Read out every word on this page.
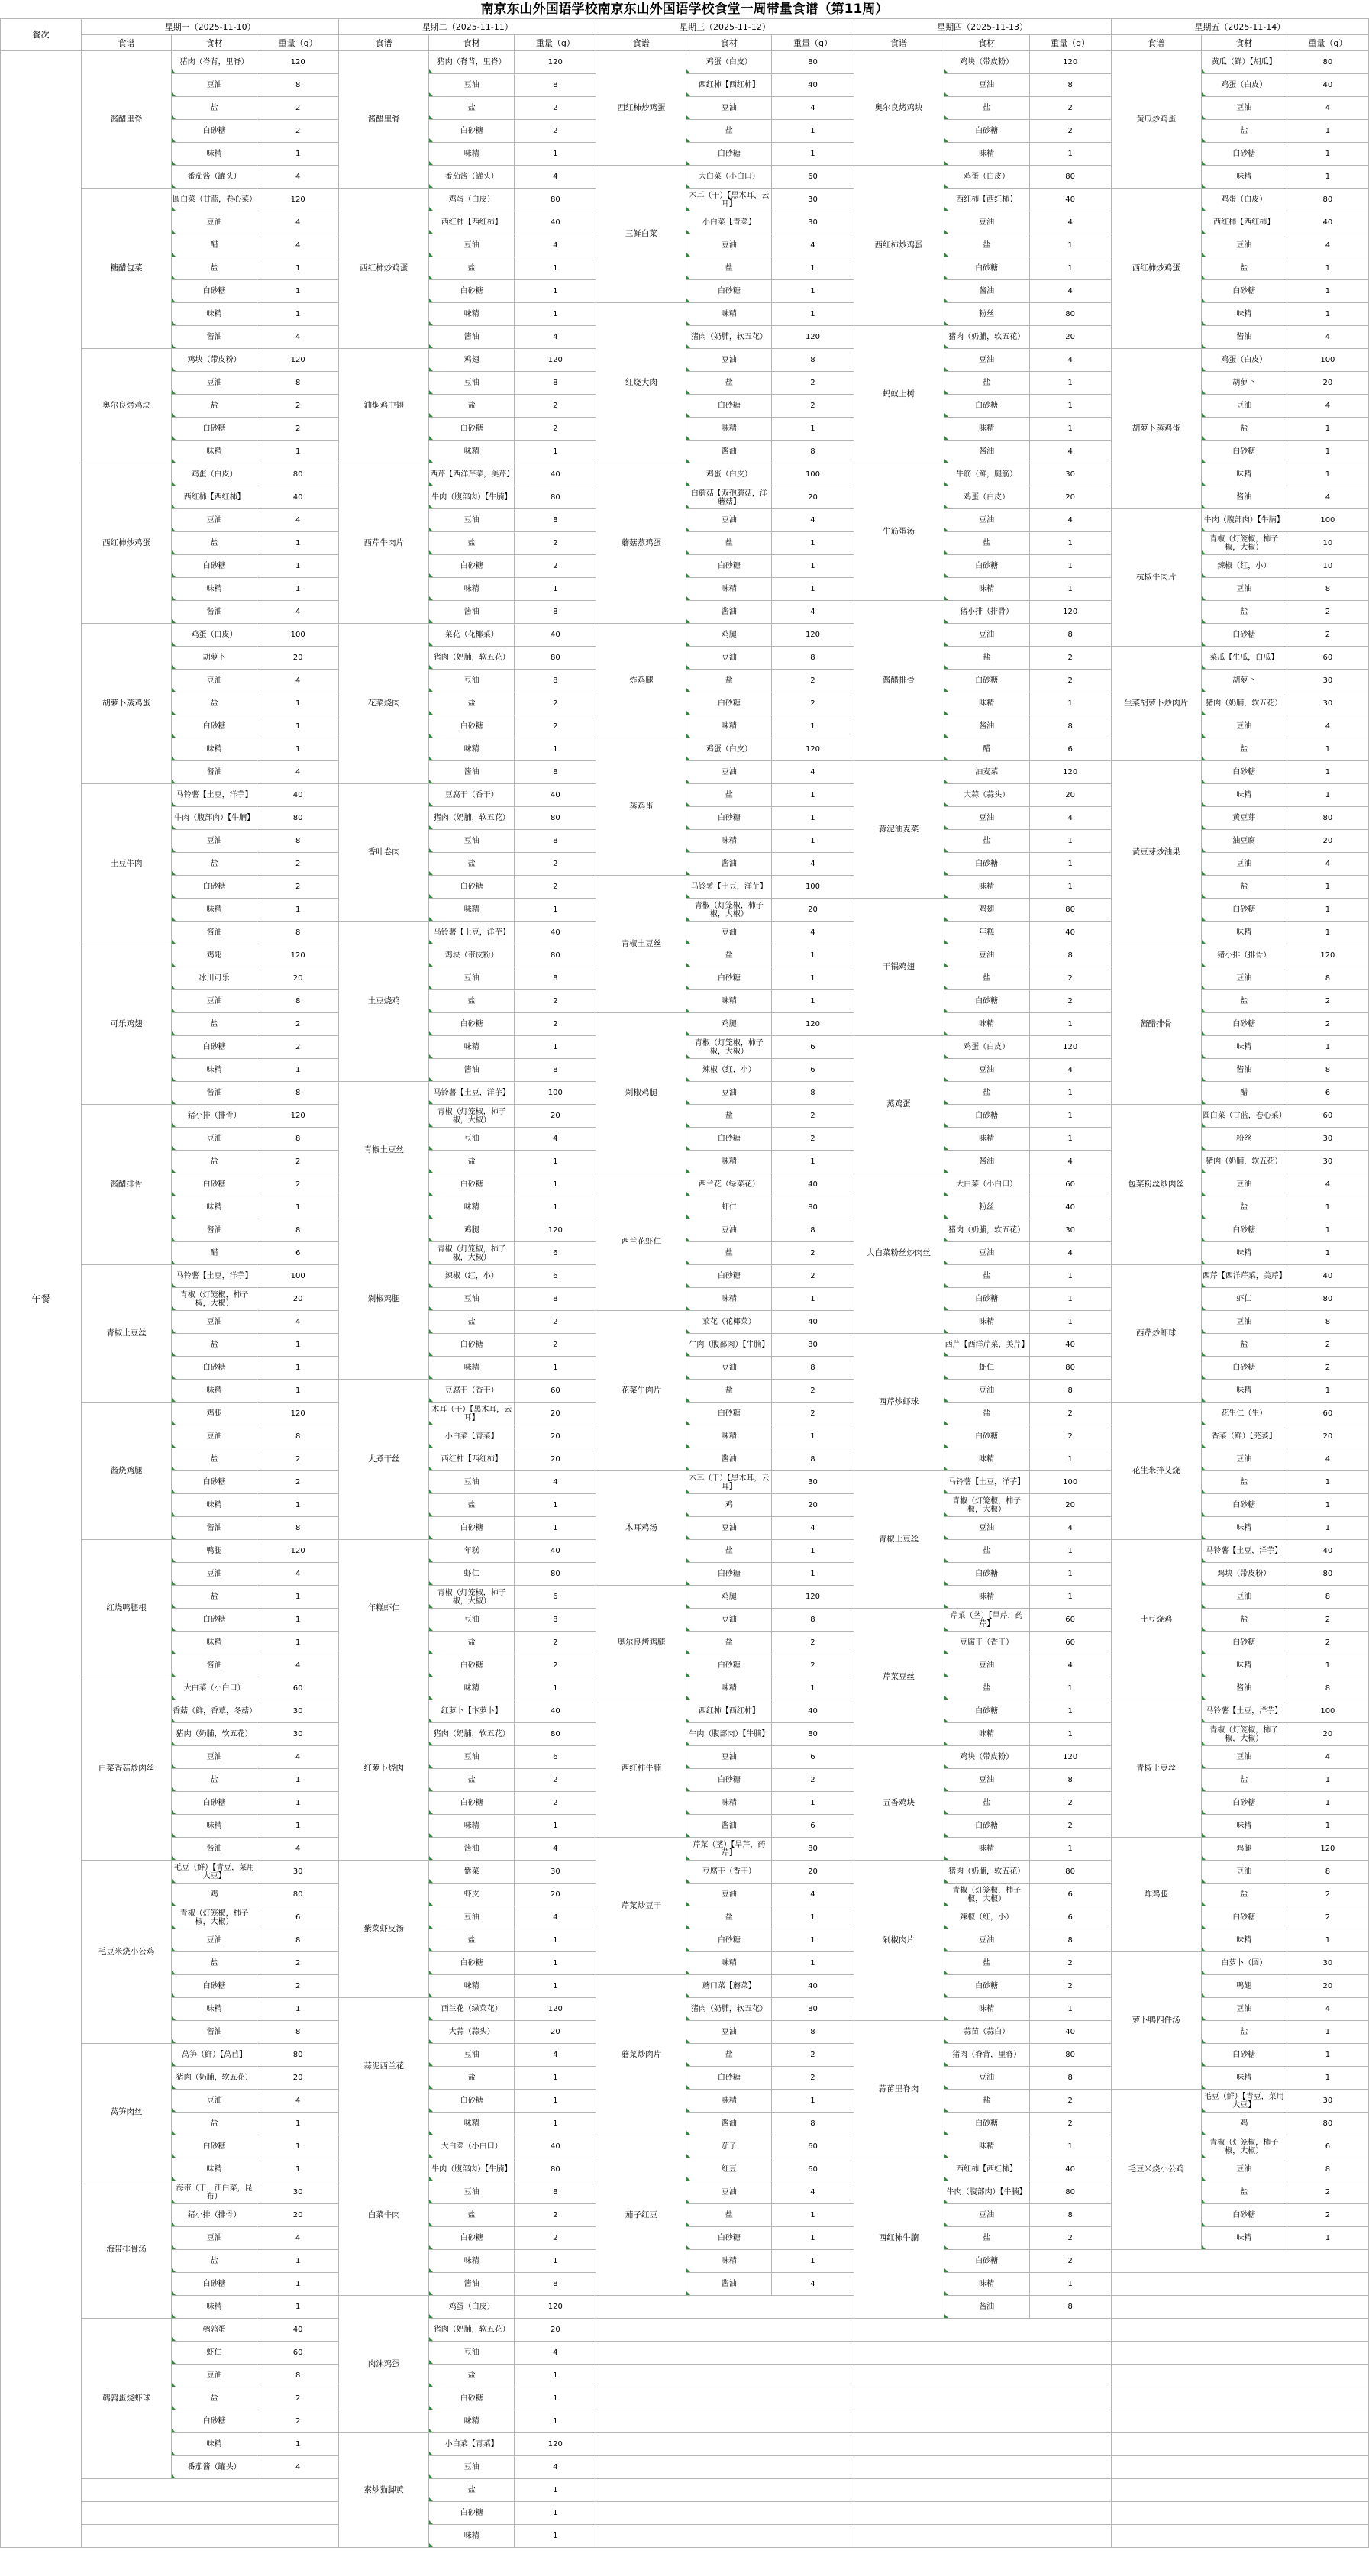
南京东山外国语学校南京东山外国语学校食堂一周带量食谱（第11周）
餐次	星期一（2025-11-10）			星期二（2025-11-11）			星期三（2025-11-12）			星期四（2025-11-13）			星期五（2025-11-14）		
	食谱	食材	重量（g）	食谱	食材	重量（g）	食谱	食材	重量（g）	食谱	食材	重量（g）	食谱	食材	重量（g）
午餐	酱醋里脊	猪肉（脊背，里脊）	120	酱醋里脊	猪肉（脊背，里脊）	120	西红柿炒鸡蛋	鸡蛋（白皮）	80	奥尔良烤鸡块	鸡块（带皮粉）	120	黄瓜炒鸡蛋	黄瓜（鲜）【胡瓜】	80
		豆油	8		豆油	8		西红柿【西红柿】	40		豆油	8		鸡蛋（白皮）	40
		盐	2		盐	2		豆油	4		盐	2		豆油	4
		白砂糖	2		白砂糖	2		盐	1		白砂糖	2		盐	1
		味精	1		味精	1		白砂糖	1		味精	1		白砂糖	1
		番茄酱（罐头）	4		番茄酱（罐头）	4	三鲜白菜	大白菜（小白口）	60	西红柿炒鸡蛋	鸡蛋（白皮）	80		味精	1
	糖醋包菜	圆白菜（甘蓝，卷心菜）	120	西红柿炒鸡蛋	鸡蛋（白皮）	80		木耳（干）【黑木耳，云耳】	30		西红柿【西红柿】	40	西红柿炒鸡蛋	鸡蛋（白皮）	80
		豆油	4		西红柿【西红柿】	40		小白菜【青菜】	30		豆油	4		西红柿【西红柿】	40
		醋	4		豆油	4		豆油	4		盐	1		豆油	4
		盐	1		盐	1		盐	1		白砂糖	1		盐	1
		白砂糖	1		白砂糖	1		白砂糖	1		酱油	4		白砂糖	1
		味精	1		味精	1	红烧大肉	味精	1		粉丝	80		味精	1
		酱油	4		酱油	4		猪肉（奶脯，软五花）	120	蚂蚁上树	猪肉（奶脯，软五花）	20		酱油	4
	奥尔良烤鸡块	鸡块（带皮粉）	120	油焖鸡中翅	鸡翅	120		豆油	8		豆油	4	胡萝卜蒸鸡蛋	鸡蛋（白皮）	100
		豆油	8		豆油	8		盐	2		盐	1		胡萝卜	20
		盐	2		盐	2		白砂糖	2		白砂糖	1		豆油	4
		白砂糖	2		白砂糖	2		味精	1		味精	1		盐	1
		味精	1		味精	1		酱油	8		酱油	4		白砂糖	1
	西红柿炒鸡蛋	鸡蛋（白皮）	80	西芹牛肉片	西芹【西洋芹菜，美芹】	40	蘑菇蒸鸡蛋	鸡蛋（白皮）	100	牛筋蛋汤	牛筋（鲜，腿筋）	30		味精	1
		西红柿【西红柿】	40		牛肉（腹部肉）【牛腩】	80		白蘑菇【双孢蘑菇，洋蘑菇】	20		鸡蛋（白皮）	20		酱油	4
		豆油	4		豆油	8		豆油	4		豆油	4	杭椒牛肉片	牛肉（腹部肉）【牛腩】	100
		盐	1		盐	2		盐	1		盐	1		青椒（灯笼椒，柿子椒，大椒）	10
		白砂糖	1		白砂糖	2		白砂糖	1		白砂糖	1		辣椒（红，小）	10
		味精	1		味精	1		味精	1		味精	1		豆油	8
		酱油	4		酱油	8		酱油	4	酱醋排骨	猪小排（排骨）	120		盐	2
	胡萝卜蒸鸡蛋	鸡蛋（白皮）	100	花菜烧肉	菜花（花椰菜）	40	炸鸡腿	鸡腿	120		豆油	8		白砂糖	2
		胡萝卜	20		猪肉（奶脯，软五花）	80		豆油	8		盐	2	生菜胡萝卜炒肉片	菜瓜【生瓜，白瓜】	60
		豆油	4		豆油	8		盐	2		白砂糖	2		胡萝卜	30
		盐	1		盐	2		白砂糖	2		味精	1		猪肉（奶脯，软五花）	30
		白砂糖	1		白砂糖	2		味精	1		酱油	8		豆油	4
		味精	1		味精	1	蒸鸡蛋	鸡蛋（白皮）	120		醋	6		盐	1
		酱油	4		酱油	8		豆油	4	蒜泥油麦菜	油麦菜	120	黄豆芽炒油果	白砂糖	1
	土豆牛肉	马铃薯【土豆，洋芋】	40	香叶卷肉	豆腐干（香干）	40		盐	1		大蒜（蒜头）	20		味精	1
		牛肉（腹部肉）【牛腩】	80		猪肉（奶脯，软五花）	80		白砂糖	1		豆油	4		黄豆芽	80
		豆油	8		豆油	8		味精	1		盐	1		油豆腐	20
		盐	2		盐	2		酱油	4		白砂糖	1		豆油	4
		白砂糖	2		白砂糖	2	青椒土豆丝	马铃薯【土豆，洋芋】	100		味精	1		盐	1
		味精	1		味精	1		青椒（灯笼椒，柿子椒，大椒）	20	干锅鸡翅	鸡翅	80		白砂糖	1
		酱油	8	土豆烧鸡	马铃薯【土豆，洋芋】	40		豆油	4		年糕	40		味精	1
	可乐鸡翅	鸡翅	120		鸡块（带皮粉）	80		盐	1		豆油	8	酱醋排骨	猪小排（排骨）	120
		冰川可乐	20		豆油	8		白砂糖	1		盐	2		豆油	8
		豆油	8		盐	2		味精	1		白砂糖	2		盐	2
		盐	2		白砂糖	2	剁椒鸡腿	鸡腿	120		味精	1		白砂糖	2
		白砂糖	2		味精	1		青椒（灯笼椒，柿子椒，大椒）	6	蒸鸡蛋	鸡蛋（白皮）	120		味精	1
		味精	1		酱油	8		辣椒（红，小）	6		豆油	4		酱油	8
		酱油	8	青椒土豆丝	马铃薯【土豆，洋芋】	100		豆油	8		盐	1		醋	6
	酱醋排骨	猪小排（排骨）	120		青椒（灯笼椒，柿子椒，大椒）	20		盐	2		白砂糖	1	包菜粉丝炒肉丝	圆白菜（甘蓝，卷心菜）	60
		豆油	8		豆油	4		白砂糖	2		味精	1		粉丝	30
		盐	2		盐	1		味精	1		酱油	4		猪肉（奶脯，软五花）	30
		白砂糖	2		白砂糖	1	西兰花虾仁	西兰花（绿菜花）	40	大白菜粉丝炒肉丝	大白菜（小白口）	60		豆油	4
		味精	1		味精	1		虾仁	80		粉丝	40		盐	1
		酱油	8	剁椒鸡腿	鸡腿	120		豆油	8		猪肉（奶脯，软五花）	30		白砂糖	1
		醋	6		青椒（灯笼椒，柿子椒，大椒）	6		盐	2		豆油	4		味精	1
	青椒土豆丝	马铃薯【土豆，洋芋】	100		辣椒（红，小）	6		白砂糖	2		盐	1	西芹炒虾球	西芹【西洋芹菜，美芹】	40
		青椒（灯笼椒，柿子椒，大椒）	20		豆油	8		味精	1		白砂糖	1		虾仁	80
		豆油	4		盐	2	花菜牛肉片	菜花（花椰菜）	40		味精	1		豆油	8
		盐	1		白砂糖	2		牛肉（腹部肉）【牛腩】	80	西芹炒虾球	西芹【西洋芹菜，美芹】	40		盐	2
		白砂糖	1		味精	1		豆油	8		虾仁	80		白砂糖	2
		味精	1	大煮干丝	豆腐干（香干）	60		盐	2		豆油	8		味精	1
	酱烧鸡腿	鸡腿	120		木耳（干）【黑木耳，云耳】	20		白砂糖	2		盐	2	花生米拌艾烧	花生仁（生）	60
		豆油	8		小白菜【青菜】	20		味精	1		白砂糖	2		香菜（鲜）【芫荽】	20
		盐	2		西红柿【西红柿】	20		酱油	8		味精	1		豆油	4
		白砂糖	2		豆油	4	木耳鸡汤	木耳（干）【黑木耳，云耳】	30	青椒土豆丝	马铃薯【土豆，洋芋】	100		盐	1
		味精	1		盐	1		鸡	20		青椒（灯笼椒，柿子椒，大椒）	20		白砂糖	1
		酱油	8		白砂糖	1		豆油	4		豆油	4		味精	1
	红烧鸭腿根	鸭腿	120	年糕虾仁	年糕	40		盐	1		盐	1	土豆烧鸡	马铃薯【土豆，洋芋】	40
		豆油	4		虾仁	80		白砂糖	1		白砂糖	1		鸡块（带皮粉）	80
		盐	1		青椒（灯笼椒，柿子椒，大椒）	6	奥尔良烤鸡腿	鸡腿	120		味精	1		豆油	8
		白砂糖	1		豆油	8		豆油	8	芹菜豆丝	芹菜（茎）【旱芹，药芹】	60		盐	2
		味精	1		盐	2		盐	2		豆腐干（香干）	60		白砂糖	2
		酱油	4		白砂糖	2		白砂糖	2		豆油	4		味精	1
	白菜香菇炒肉丝	大白菜（小白口）	60	红萝卜烧肉	味精	1		味精	1		盐	1		酱油	8
		香菇（鲜，香蕈，冬菇）	30		红萝卜【卞萝卜】	40	西红柿牛腩	西红柿【西红柿】	40		白砂糖	1	青椒土豆丝	马铃薯【土豆，洋芋】	100
		猪肉（奶脯，软五花）	30		猪肉（奶脯，软五花）	80		牛肉（腹部肉）【牛腩】	80		味精	1		青椒（灯笼椒，柿子椒，大椒）	20
		豆油	4		豆油	6		豆油	6	五香鸡块	鸡块（带皮粉）	120		豆油	4
		盐	1		盐	2		白砂糖	2		豆油	8		盐	1
		白砂糖	1		白砂糖	2		味精	1		盐	2		白砂糖	1
		味精	1		味精	1		酱油	6		白砂糖	2		味精	1
		酱油	4		酱油	4	芹菜炒豆干	芹菜（茎）【旱芹，药芹】	80		味精	1	炸鸡腿	鸡腿	120
	毛豆米烧小公鸡	毛豆（鲜）【青豆，菜用大豆】	30	紫菜虾皮汤	紫菜	30		豆腐干（香干）	20	剁椒肉片	猪肉（奶脯，软五花）	80		豆油	8
		鸡	80		虾皮	20		豆油	4		青椒（灯笼椒，柿子椒，大椒）	6		盐	2
		青椒（灯笼椒，柿子椒，大椒）	6		豆油	4		盐	1		辣椒（红，小）	6		白砂糖	2
		豆油	8		盐	1		白砂糖	1		豆油	8		味精	1
		盐	2		白砂糖	1		味精	1		盐	2	萝卜鸭四件汤	白萝卜（圆）	30
		白砂糖	2		味精	1	蘑菜炒肉片	蘑口菜【蘑菜】	40		白砂糖	2		鸭翅	20
		味精	1	蒜泥西兰花	西兰花（绿菜花）	120		猪肉（奶脯，软五花）	80		味精	1		豆油	4
		酱油	8		大蒜（蒜头）	20		豆油	8	蒜苗里脊肉	蒜苗（蒜白）	40		盐	1
	莴笋肉丝	莴笋（鲜）【莴苣】	80		豆油	4		盐	2		猪肉（脊背，里脊）	80		白砂糖	1
		猪肉（奶脯，软五花）	20		盐	1		白砂糖	2		豆油	8		味精	1
		豆油	4		白砂糖	1		味精	1		盐	2	毛豆米烧小公鸡	毛豆（鲜）【青豆，菜用大豆】	30
		盐	1		味精	1		酱油	8		白砂糖	2		鸡	80
		白砂糖	1	白菜牛肉	大白菜（小白口）	40	茄子红豆	茄子	60		味精	1		青椒（灯笼椒，柿子椒，大椒）	6
		味精	1		牛肉（腹部肉）【牛腩】	80		红豆	60	西红柿牛腩	西红柿【西红柿】	40		豆油	8
	海带排骨汤	海带（干，江白菜，昆布）	30		豆油	8		豆油	4		牛肉（腹部肉）【牛腩】	80		盐	2
		猪小排（排骨）	20		盐	2		盐	1		豆油	8		白砂糖	2
		豆油	4		白砂糖	2		白砂糖	1		盐	2		味精	1
		盐	1		味精	1		味精	1		白砂糖	2			
		白砂糖	1		酱油	8		酱油	4		味精	1			
		味精	1	肉沫鸡蛋	鸡蛋（白皮）	120					酱油	8			
	鹌鹑蛋烧虾球	鹌鹑蛋	40		猪肉（奶脯，软五花）	20									
		虾仁	60		豆油	4									
		豆油	8		盐	1									
		盐	2		白砂糖	1									
		白砂糖	2		味精	1									
		味精	1	素炒猫脚黄	小白菜【青菜】	120									
		番茄酱（罐头）	4		豆油	4									
					盐	1									
					白砂糖	1									
					味精	1									
